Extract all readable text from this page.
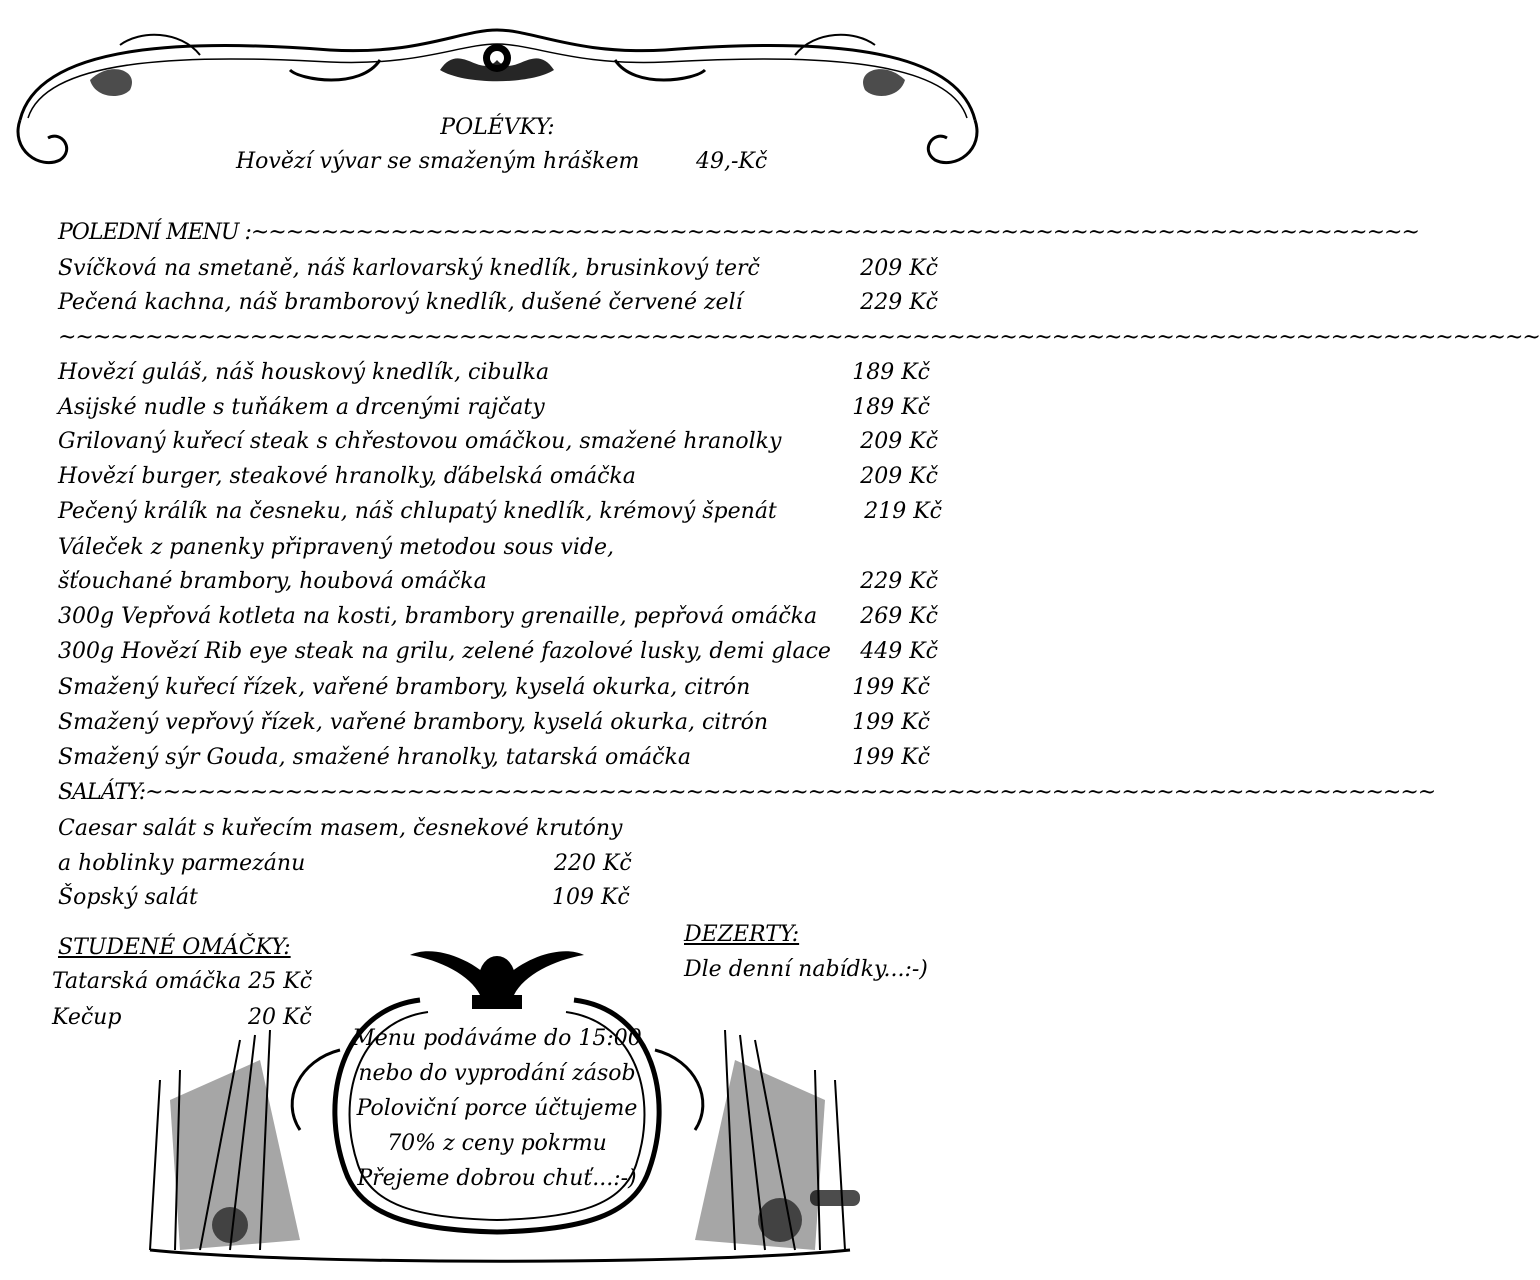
POLÉVKY:
Hovězí vývar se smaženým hráškem	49,-Kč
POLEDNÍ MENU :~~~~~~~~~~~~~~~~~~~~~~~~~~~~~~~~~~~~~~~~~~~~~~~~~~~~~~~~~~~~~~~~~~~
Svíčková na smetaně, náš karlovarský knedlík, brusinkový terč	209 Kč
Pečená kachna, náš bramborový knedlík, dušené červené zelí	229 Kč
~~~~~~~~~~~~~~~~~~~~~~~~~~~~~~~~~~~~~~~~~~~~~~~~~~~~~~~~~~~~~~~~~~~~~~~~~~~~~~~~~~~~~
Hovězí guláš, náš houskový knedlík, cibulka	189 Kč
Asijské nudle s tuňákem a drcenými rajčaty	189 Kč
Grilovaný kuřecí steak s chřestovou omáčkou, smažené hranolky	209 Kč
Hovězí burger, steakové hranolky, ďábelská omáčka	209 Kč
Pečený králík na česneku, náš chlupatý knedlík, krémový špenát	219 Kč
Váleček z panenky připravený metodou sous vide,
šťouchané brambory, houbová omáčka	229 Kč
300g Vepřová kotleta na kosti, brambory grenaille, pepřová omáčka 269 Kč
300g Hovězí Rib eye steak na grilu, zelené fazolové lusky, demi glace 449 Kč
Smažený kuřecí řízek, vařené brambory, kyselá okurka, citrón	199 Kč
Smažený vepřový řízek, vařené brambory, kyselá okurka, citrón	199 Kč
Smažený sýr Gouda, smažené hranolky, tatarská omáčka	199 Kč
SALÁTY:~~~~~~~~~~~~~~~~~~~~~~~~~~~~~~~~~~~~~~~~~~~~~~~~~~~~~~~~~~~~~~~~~~~~~~~~~~
Caesar salát s kuřecím masem, česnekové krutóny
a hoblinky parmezánu	220 Kč
Šopský salát	109 Kč
STUDENÉ OMÁČKY:
Tatarská omáčka 25 Kč
Kečup	20 Kč
DEZERTY:
Dle denní nabídky...:-)
Menu podáváme do 15:00
nebo do vyprodání zásob
Poloviční porce účtujeme
70% z ceny pokrmu
Přejeme dobrou chuť...:-)
